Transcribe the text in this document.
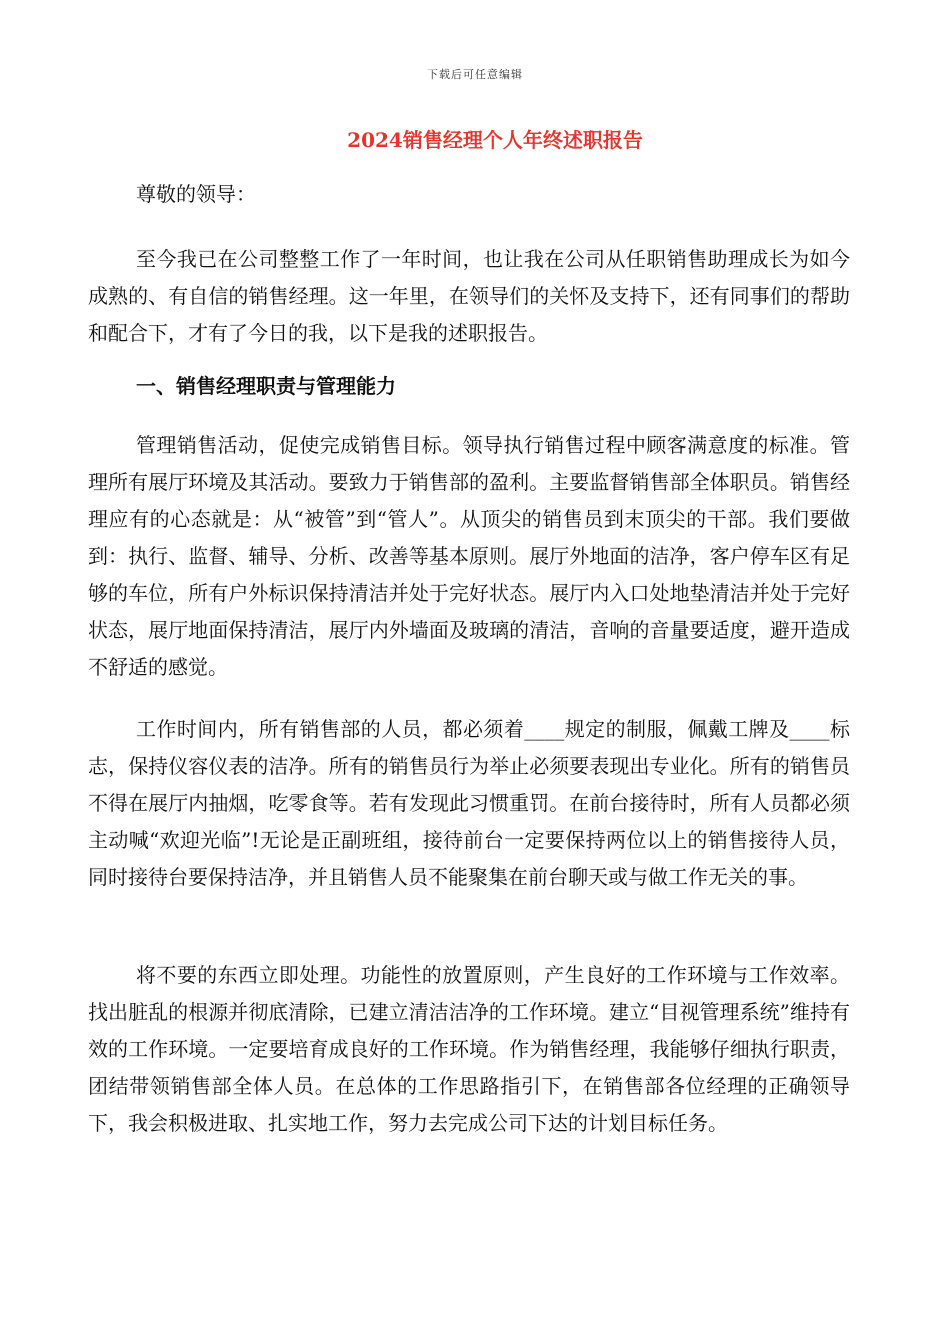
下载后可任意编辑
2024销售经理个人年终述职报告
尊敬的领导：
至今我已在公司整整工作了一年时间，也让我在公司从任职销售助理成长为如今成熟的、有自信的销售经理。这一年里，在领导们的关怀及支持下，还有同事们的帮助和配合下，才有了今日的我，以下是我的述职报告。
一、销售经理职责与管理能力
管理销售活动，促使完成销售目标。领导执行销售过程中顾客满意度的标准。管理所有展厅环境及其活动。要致力于销售部的盈利。主要监督销售部全体职员。销售经理应有的心态就是：从“被管”到“管人”。从顶尖的销售员到末顶尖的干部。我们要做到：执行、监督、辅导、分析、改善等基本原则。展厅外地面的洁净，客户停车区有足够的车位，所有户外标识保持清洁并处于完好状态。展厅内入口处地垫清洁并处于完好状态，展厅地面保持清洁，展厅内外墙面及玻璃的清洁，音响的音量要适度，避开造成不舒适的感觉。
工作时间内，所有销售部的人员，都必须着____规定的制服，佩戴工牌及____标志，保持仪容仪表的洁净。所有的销售员行为举止必须要表现出专业化。所有的销售员不得在展厅内抽烟，吃零食等。若有发现此习惯重罚。在前台接待时，所有人员都必须主动喊“欢迎光临”!无论是正副班组，接待前台一定要保持两位以上的销售接待人员，同时接待台要保持洁净，并且销售人员不能聚集在前台聊天或与做工作无关的事。
将不要的东西立即处理。功能性的放置原则，产生良好的工作环境与工作效率。找出脏乱的根源并彻底清除，已建立清洁洁净的工作环境。建立“目视管理系统”维持有效的工作环境。一定要培育成良好的工作环境。作为销售经理，我能够仔细执行职责，团结带领销售部全体人员。在总体的工作思路指引下，在销售部各位经理的正确领导下，我会积极进取、扎实地工作，努力去完成公司下达的计划目标任务。
